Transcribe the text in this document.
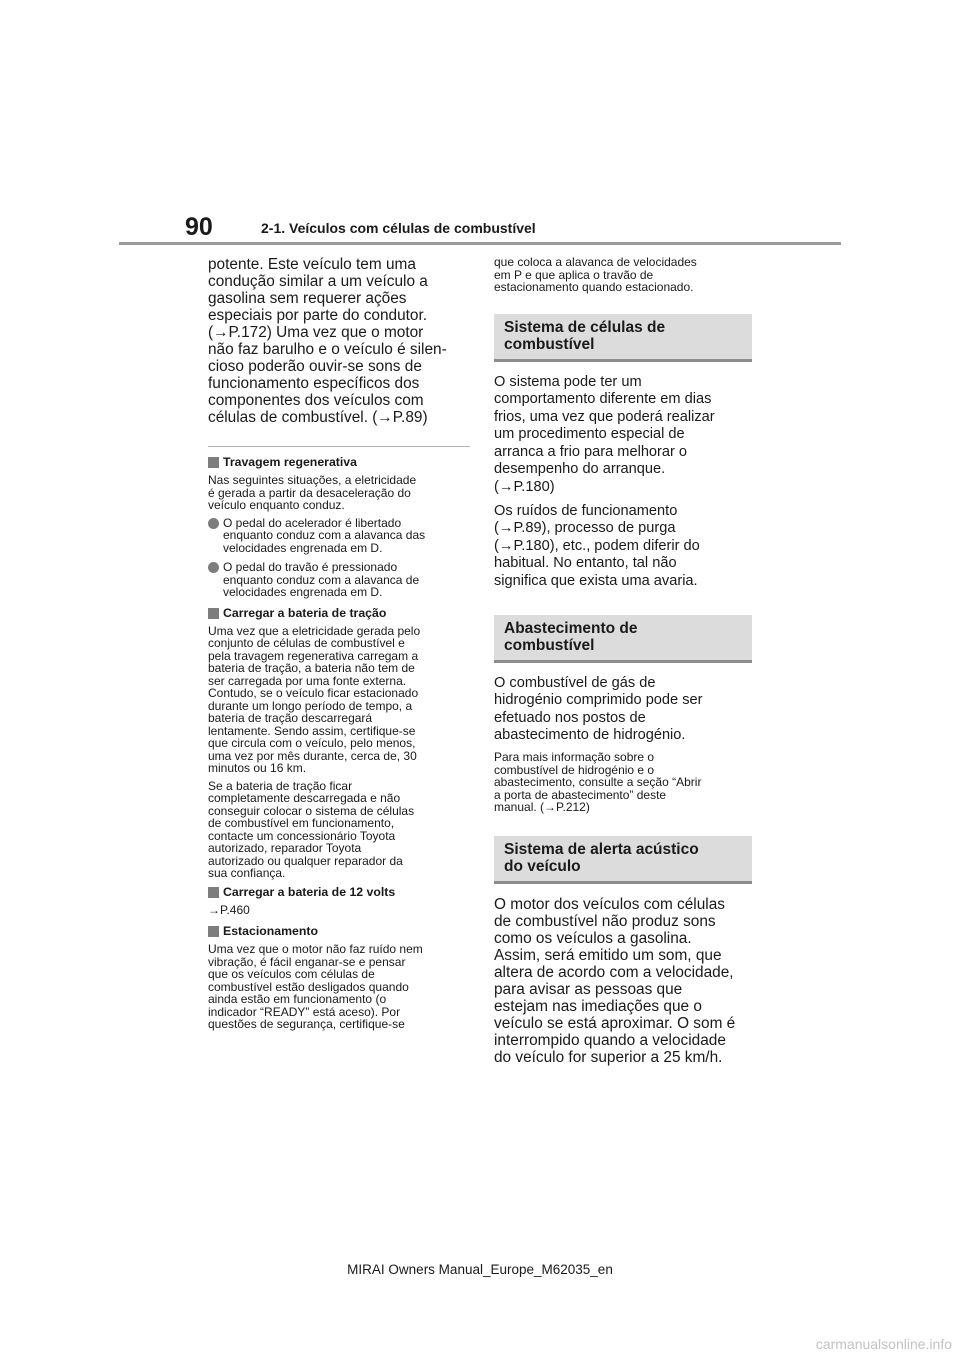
90	2-1. Veículos com células de combustível

potente. Este veículo tem uma
condução similar a um veículo a
gasolina sem requerer ações
especiais por parte do condutor.
(→P.172) Uma vez que o motor
não faz barulho e o veículo é silen-
cioso poderão ouvir-se sons de
funcionamento específicos dos
componentes dos veículos com
células de combustível. (→P.89)

Travagem regenerativa

Nas seguintes situações, a eletricidade
é gerada a partir da desaceleração do
veículo enquanto conduz.

O pedal do acelerador é libertado
enquanto conduz com a alavanca das
velocidades engrenada em D.
O pedal do travão é pressionado
enquanto conduz com a alavanca de
velocidades engrenada em D.
Carregar a bateria de tração

Uma vez que a eletricidade gerada pelo
conjunto de células de combustível e
pela travagem regenerativa carregam a
bateria de tração, a bateria não tem de
ser carregada por uma fonte externa.
Contudo, se o veículo ficar estacionado
durante um longo período de tempo, a
bateria de tração descarregará
lentamente. Sendo assim, certifique-se
que circula com o veículo, pelo menos,
uma vez por mês durante, cerca de, 30
minutos ou 16 km.

Se a bateria de tração ficar
completamente descarregada e não
conseguir colocar o sistema de células
de combustível em funcionamento,
contacte um concessionário Toyota
autorizado, reparador Toyota
autorizado ou qualquer reparador da
sua confiança.

Carregar a bateria de 12 volts

→P.460

Estacionamento

Uma vez que o motor não faz ruído nem
vibração, é fácil enganar-se e pensar
que os veículos com células de
combustível estão desligados quando
ainda estão em funcionamento (o
indicador “READY” está aceso). Por
questões de segurança, certifique-se

que coloca a alavanca de velocidades
em P e que aplica o travão de
estacionamento quando estacionado.

Sistema de células de
combustível

O sistema pode ter um
comportamento diferente em dias
frios, uma vez que poderá realizar
um procedimento especial de
arranca a frio para melhorar o
desempenho do arranque.
(→P.180)

Os ruídos de funcionamento
(→P.89), processo de purga
(→P.180), etc., podem diferir do
habitual. No entanto, tal não
significa que exista uma avaria.

Abastecimento de
combustível

O combustível de gás de
hidrogénio comprimido pode ser
efetuado nos postos de
abastecimento de hidrogénio.

Para mais informação sobre o
combustível de hidrogénio e o
abastecimento, consulte a seção “Abrir
a porta de abastecimento” deste
manual. (→P.212)

Sistema de alerta acústico
do veículo

O motor dos veículos com células
de combustível não produz sons
como os veículos a gasolina.
Assim, será emitido um som, que
altera de acordo com a velocidade,
para avisar as pessoas que
estejam nas imediações que o
veículo se está aproximar. O som é
interrompido quando a velocidade
do veículo for superior a 25 km/h.

MIRAI Owners Manual_Europe_M62035_en
carmanualsonline.info
